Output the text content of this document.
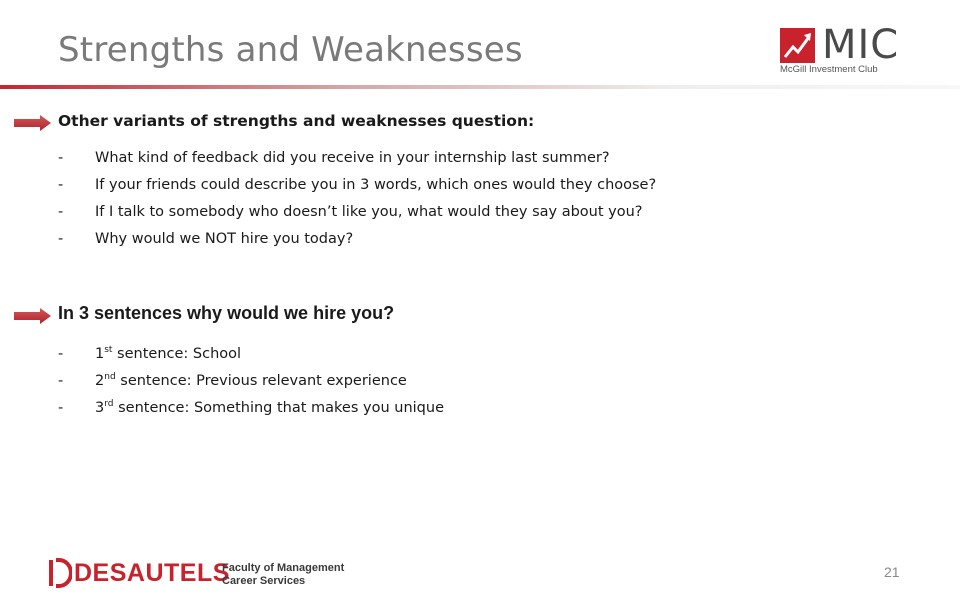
Strengths and Weaknesses	MIC
McGill Investment Club
Other variants of strengths and weaknesses question:
- What kind of feedback did you receive in your internship last summer?
- If your friends could describe you in 3 words, which ones would they choose?
- If I talk to somebody who doesn’t like you, what would they say about you?
- Why would we NOT hire you today?
In 3 sentences why would we hire you?
- 1st sentence: School
- 2nd sentence: Previous relevant experience
- 3rd sentence: Something that makes you unique
DESAUTELS
Faculty of Management
Career Services
21
